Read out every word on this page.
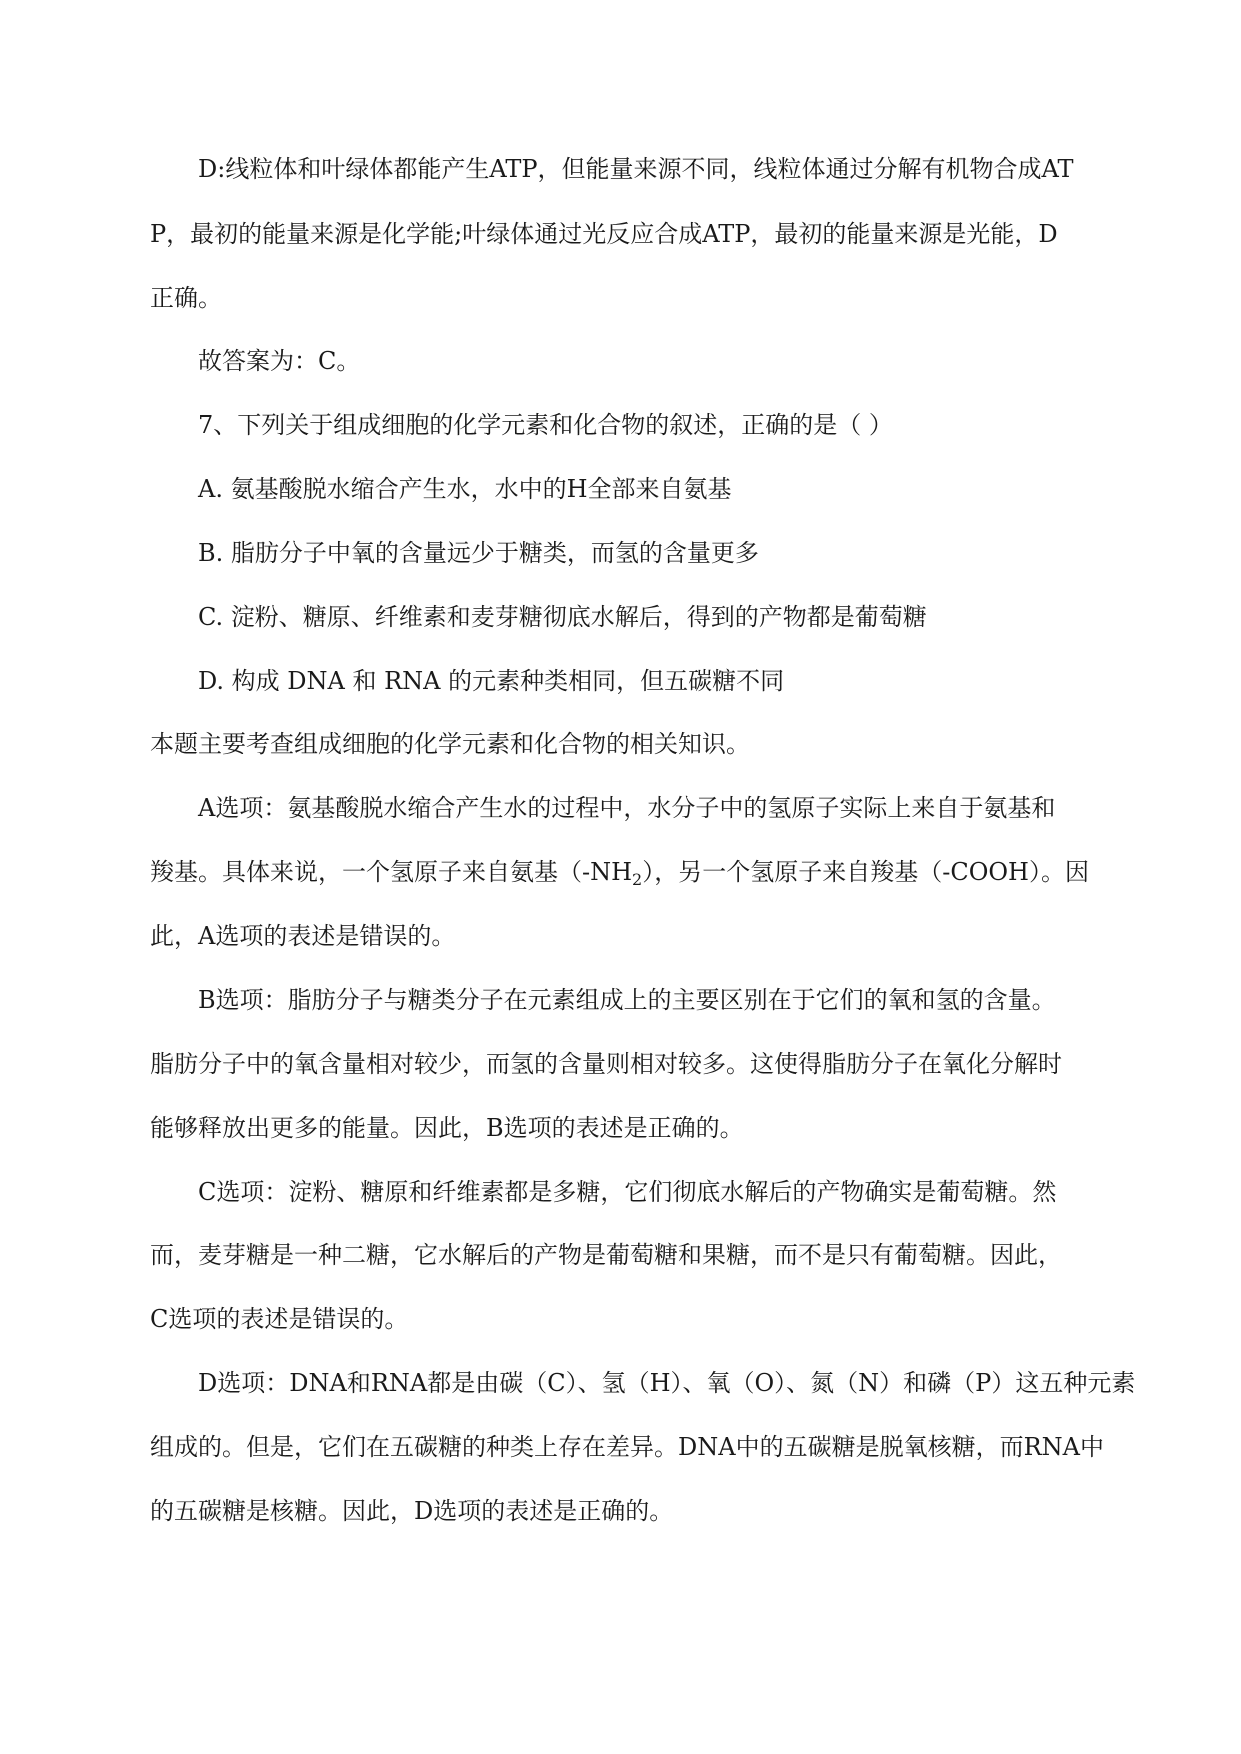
D:线粒体和叶绿体都能产生ATP，但能量来源不同，线粒体通过分解有机物合成AT
P，最初的能量来源是化学能;叶绿体通过光反应合成ATP，最初的能量来源是光能，D
正确。
故答案为：C。
7、下列关于组成细胞的化学元素和化合物的叙述，正确的是（ ）
A. 氨基酸脱水缩合产生水，水中的H全部来自氨基
B. 脂肪分子中氧的含量远少于糖类，而氢的含量更多
C. 淀粉、糖原、纤维素和麦芽糖彻底水解后，得到的产物都是葡萄糖
D. 构成 DNA 和 RNA 的元素种类相同，但五碳糖不同
本题主要考查组成细胞的化学元素和化合物的相关知识。
A选项：氨基酸脱水缩合产生水的过程中，水分子中的氢原子实际上来自于氨基和
羧基。具体来说，一个氢原子来自氨基$(-NH_2)$，另一个氢原子来自羧基（-COOH）。因
此，A选项的表述是错误的。
B选项：脂肪分子与糖类分子在元素组成上的主要区别在于它们的氧和氢的含量。
脂肪分子中的氧含量相对较少，而氢的含量则相对较多。这使得脂肪分子在氧化分解时
能够释放出更多的能量。因此，B选项的表述是正确的。
C选项：淀粉、糖原和纤维素都是多糖，它们彻底水解后的产物确实是葡萄糖。然
而，麦芽糖是一种二糖，它水解后的产物是葡萄糖和果糖，而不是只有葡萄糖。因此，
C选项的表述是错误的。
D选项：DNA和RNA都是由碳（C）、氢（H）、氧（O）、氮（N）和磷（P）这五种元素
组成的。但是，它们在五碳糖的种类上存在差异。DNA中的五碳糖是脱氧核糖，而RNA中
的五碳糖是核糖。因此，D选项的表述是正确的。
